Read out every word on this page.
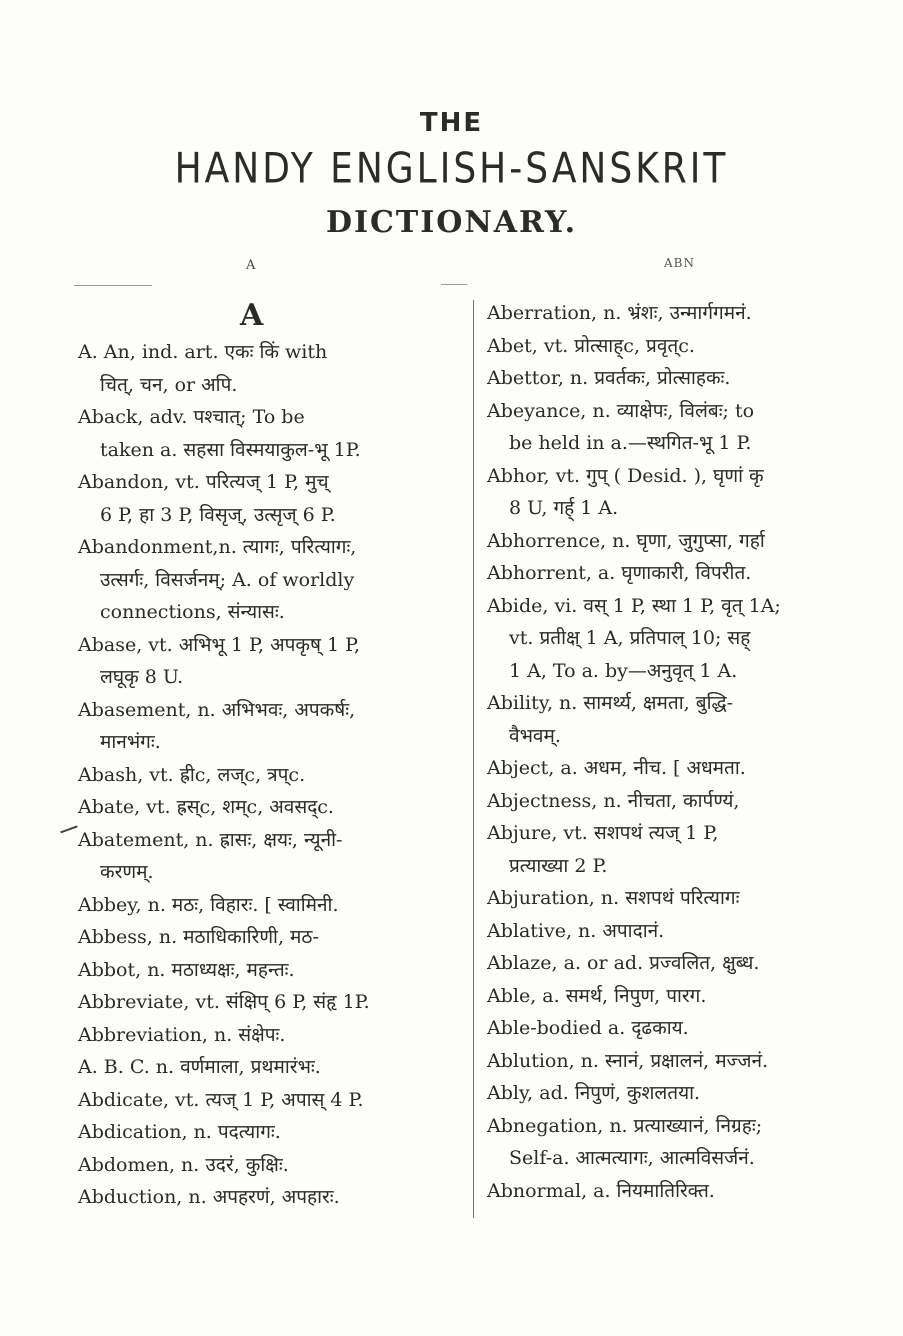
THE
HANDY ENGLISH-SANSKRIT
DICTIONARY.
A	ABN
A
A. An, ind. art. एकः किं with
चित्, चन, or अपि.
Aback, adv. पश्चात्; To be
taken a. सहसा विस्मयाकुल-भू 1P.
Abandon, vt. परित्यज् 1 P, मुच्
6 P, हा 3 P, विसृज्, उत्सृज् 6 P.
Abandonment,n. त्यागः, परित्यागः,
उत्सर्गः, विसर्जनम्; A. of worldly
connections, संन्यासः.
Abase, vt. अभिभू 1 P, अपकृष् 1 P,
लघूकृ 8 U.
Abasement, n. अभिभवः, अपकर्षः,
मानभंगः.
Abash, vt. ह्रीc, लज्c, त्रप्c.
Abate, vt. ह्रस्c, शम्c, अवसद्c.
Abatement, n. ह्रासः, क्षयः, न्यूनी-
करणम्.
Abbey, n. मठः, विहारः. [ स्वामिनी.
Abbess, n. मठाधिकारिणी, मठ-
Abbot, n. मठाध्यक्षः, महन्तः.
Abbreviate, vt. संक्षिप् 6 P, संहृ 1P.
Abbreviation, n. संक्षेपः.
A. B. C. n. वर्णमाला, प्रथमारंभः.
Abdicate, vt. त्यज् 1 P, अपास् 4 P.
Abdication, n. पदत्यागः.
Abdomen, n. उदरं, कुक्षिः.
Abduction, n. अपहरणं, अपहारः.
Aberration, n. भ्रंशः, उन्मार्गगमनं.
Abet, vt. प्रोत्साह्c, प्रवृत्c.
Abettor, n. प्रवर्तकः, प्रोत्साहकः.
Abeyance, n. व्याक्षेपः, विलंबः; to
be held in a.—स्थगित-भू 1 P.
Abhor, vt. गुप् ( Desid. ), घृणां कृ
8 U, गर्ह् 1 A.
Abhorrence, n. घृणा, जुगुप्सा, गर्हा
Abhorrent, a. घृणाकारी, विपरीत.
Abide, vi. वस् 1 P, स्था 1 P, वृत् 1A;
vt. प्रतीक्ष् 1 A, प्रतिपाल् 10; सह्
1 A, To a. by—अनुवृत् 1 A.
Ability, n. सामर्थ्य, क्षमता, बुद्धि-
वैभवम्.
Abject, a. अधम, नीच. [ अधमता.
Abjectness, n. नीचता, कार्पण्यं,
Abjure, vt. सशपथं त्यज् 1 P,
प्रत्याख्या 2 P.
Abjuration, n. सशपथं परित्यागः
Ablative, n. अपादानं.
Ablaze, a. or ad. प्रज्वलित, क्षुब्ध.
Able, a. समर्थ, निपुण, पारग.
Able-bodied a. दृढकाय.
Ablution, n. स्नानं, प्रक्षालनं, मज्जनं.
Ably, ad. निपुणं, कुशलतया.
Abnegation, n. प्रत्याख्यानं, निग्रहः;
Self-a. आत्मत्यागः, आत्मविसर्जनं.
Abnormal, a. नियमातिरिक्त.
